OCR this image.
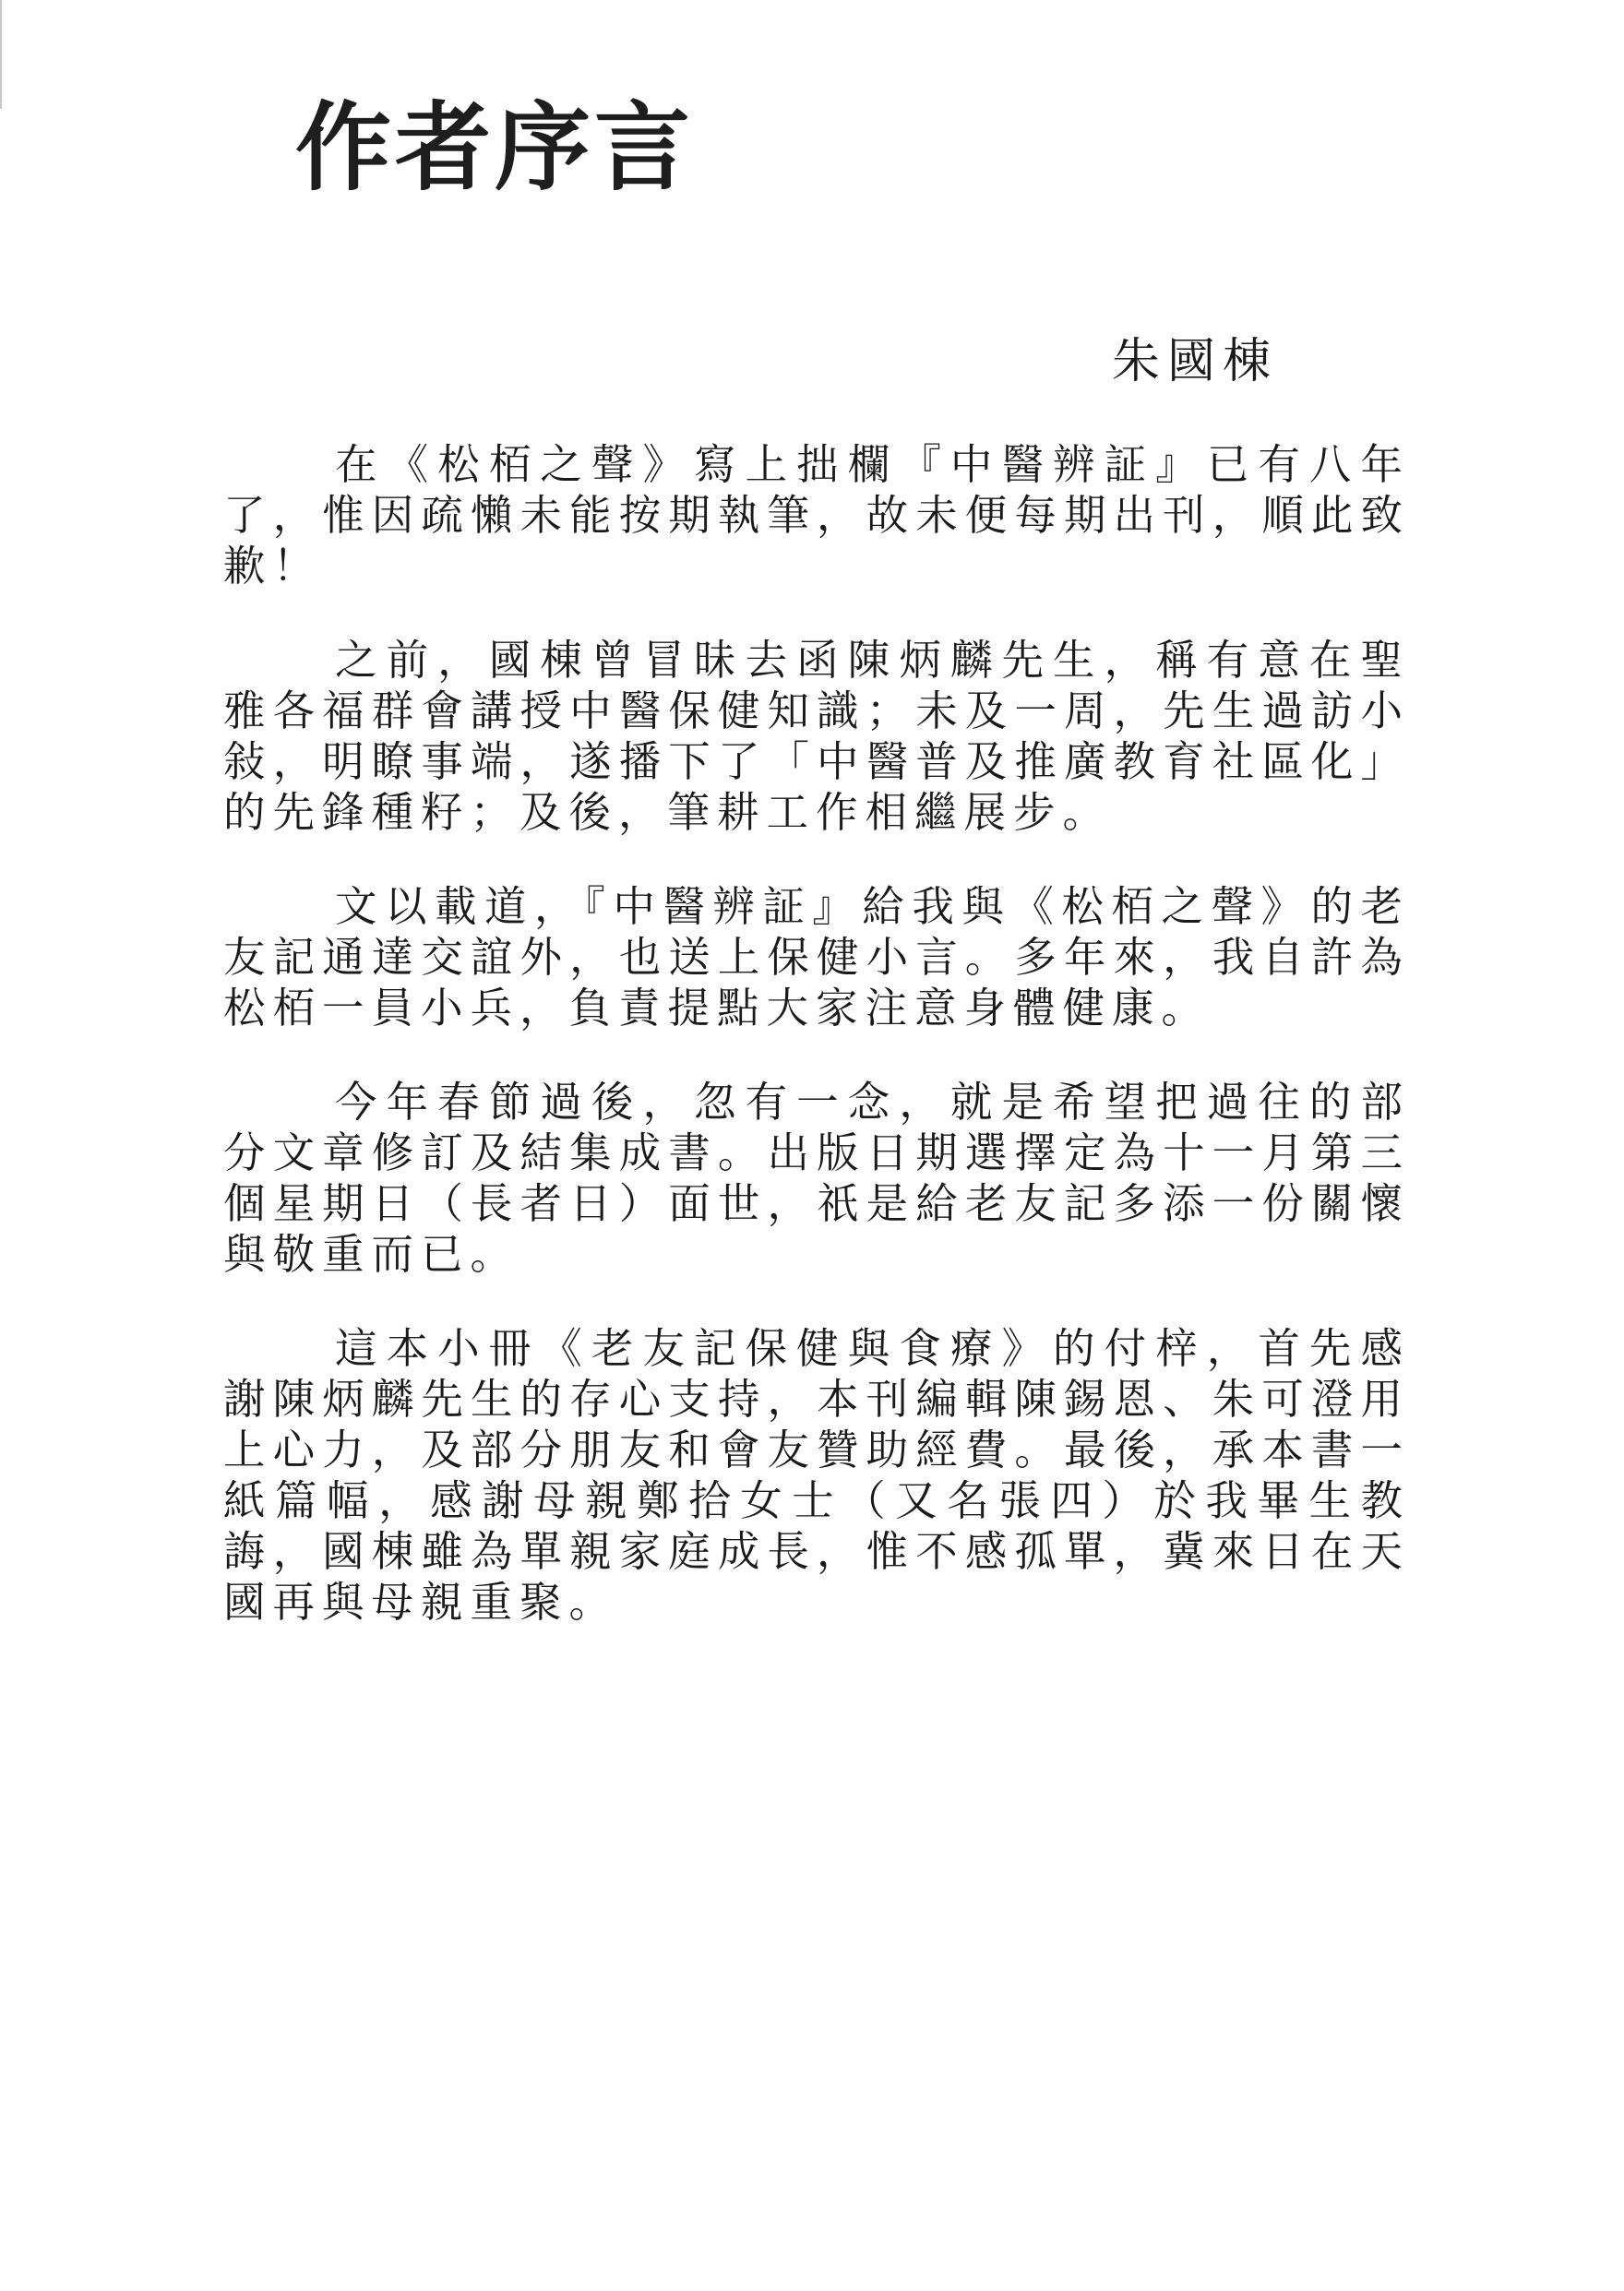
作者序言
朱國棟

在《松栢之聲》寫上拙欄『中醫辨証』已有八年了，惟因疏懶未能按期執筆，故未便每期出刊，順此致歉！

之前，國棟曾冒昧去函陳炳麟先生，稱有意在聖雅各福群會講授中醫保健知識；未及一周，先生過訪小敍，明瞭事端，遂播下了「中醫普及推廣教育社區化」的先鋒種籽；及後，筆耕工作相繼展步。

文以載道，『中醫辨証』給我與《松栢之聲》的老友記通達交誼外，也送上保健小言。多年來，我自許為松栢一員小兵，負責提點大家注意身體健康。

今年春節過後，忽有一念，就是希望把過往的部分文章修訂及結集成書。出版日期選擇定為十一月第三個星期日（長者日）面世，祇是給老友記多添一份關懷與敬重而已。

這本小冊《老友記保健與食療》的付梓，首先感謝陳炳麟先生的存心支持，本刊編輯陳錫恩、朱可澄用上心力，及部分朋友和會友贊助經費。最後，承本書一紙篇幅，感謝母親鄭拾女士（又名張四）於我畢生教誨，國棟雖為單親家庭成長，惟不感孤單，冀來日在天國再與母親重聚。
